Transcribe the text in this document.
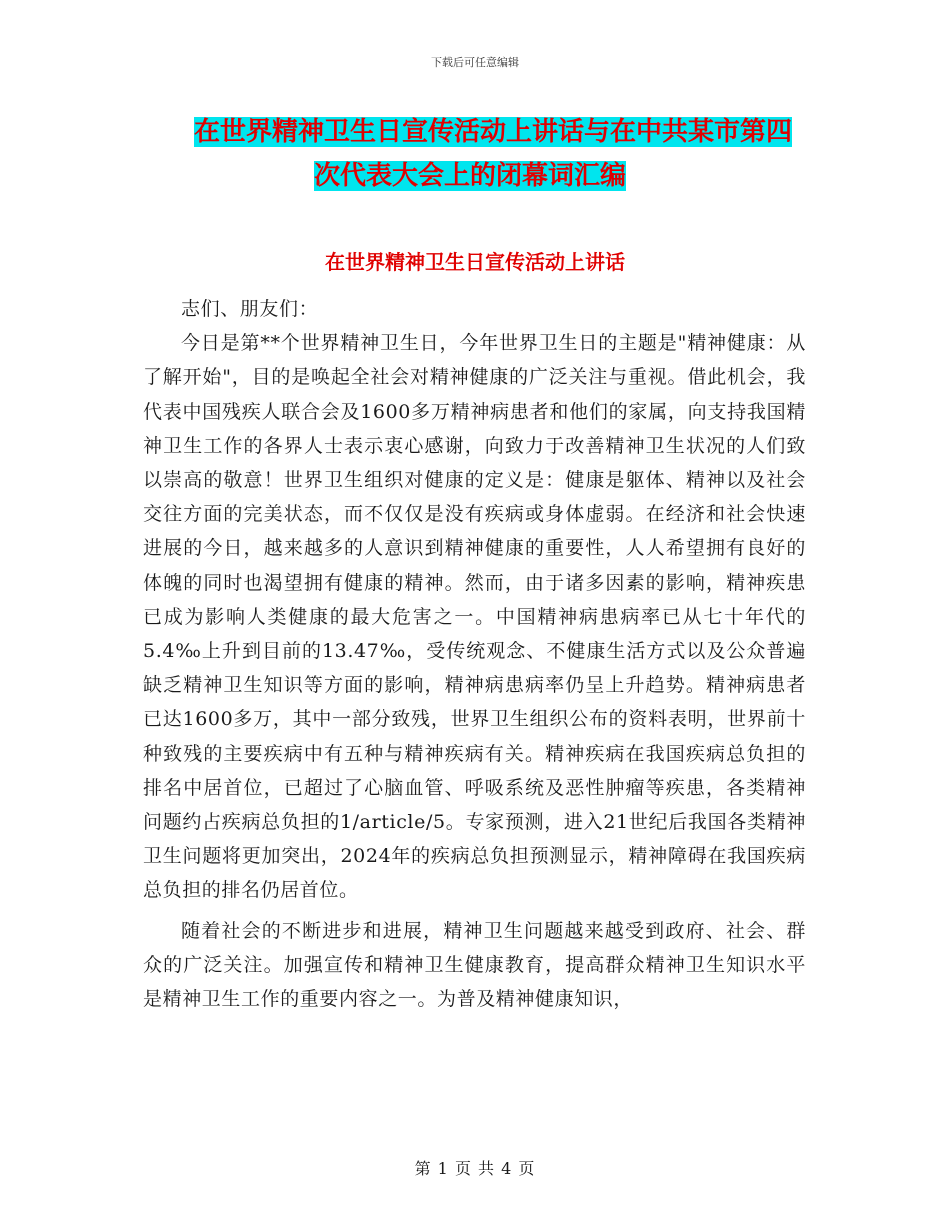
下载后可任意编辑
在世界精神卫生日宣传活动上讲话与在中共某市第四
次代表大会上的闭幕词汇编
在世界精神卫生日宣传活动上讲话

志们、朋友们：

今日是第**个世界精神卫生日，今年世界卫生日的主题是"精神健康：从了解开始"，目的是唤起全社会对精神健康的广泛关注与重视。借此机会，我代表中国残疾人联合会及1600多万精神病患者和他们的家属，向支持我国精神卫生工作的各界人士表示衷心感谢，向致力于改善精神卫生状况的人们致以崇高的敬意！世界卫生组织对健康的定义是：健康是躯体、精神以及社会交往方面的完美状态，而不仅仅是没有疾病或身体虚弱。在经济和社会快速进展的今日，越来越多的人意识到精神健康的重要性，人人希望拥有良好的体魄的同时也渴望拥有健康的精神。然而，由于诸多因素的影响，精神疾患已成为影响人类健康的最大危害之一。中国精神病患病率已从七十年代的5.4‰上升到目前的13.47‰，受传统观念、不健康生活方式以及公众普遍缺乏精神卫生知识等方面的影响，精神病患病率仍呈上升趋势。精神病患者已达1600多万，其中一部分致残，世界卫生组织公布的资料表明，世界前十种致残的主要疾病中有五种与精神疾病有关。精神疾病在我国疾病总负担的排名中居首位，已超过了心脑血管、呼吸系统及恶性肿瘤等疾患，各类精神问题约占疾病总负担的1/article/5。专家预测，进入21世纪后我国各类精神卫生问题将更加突出，2024年的疾病总负担预测显示，精神障碍在我国疾病总负担的排名仍居首位。

随着社会的不断进步和进展，精神卫生问题越来越受到政府、社会、群众的广泛关注。加强宣传和精神卫生健康教育，提高群众精神卫生知识水平是精神卫生工作的重要内容之一。为普及精神健康知识，

第 1 页 共 4 页
